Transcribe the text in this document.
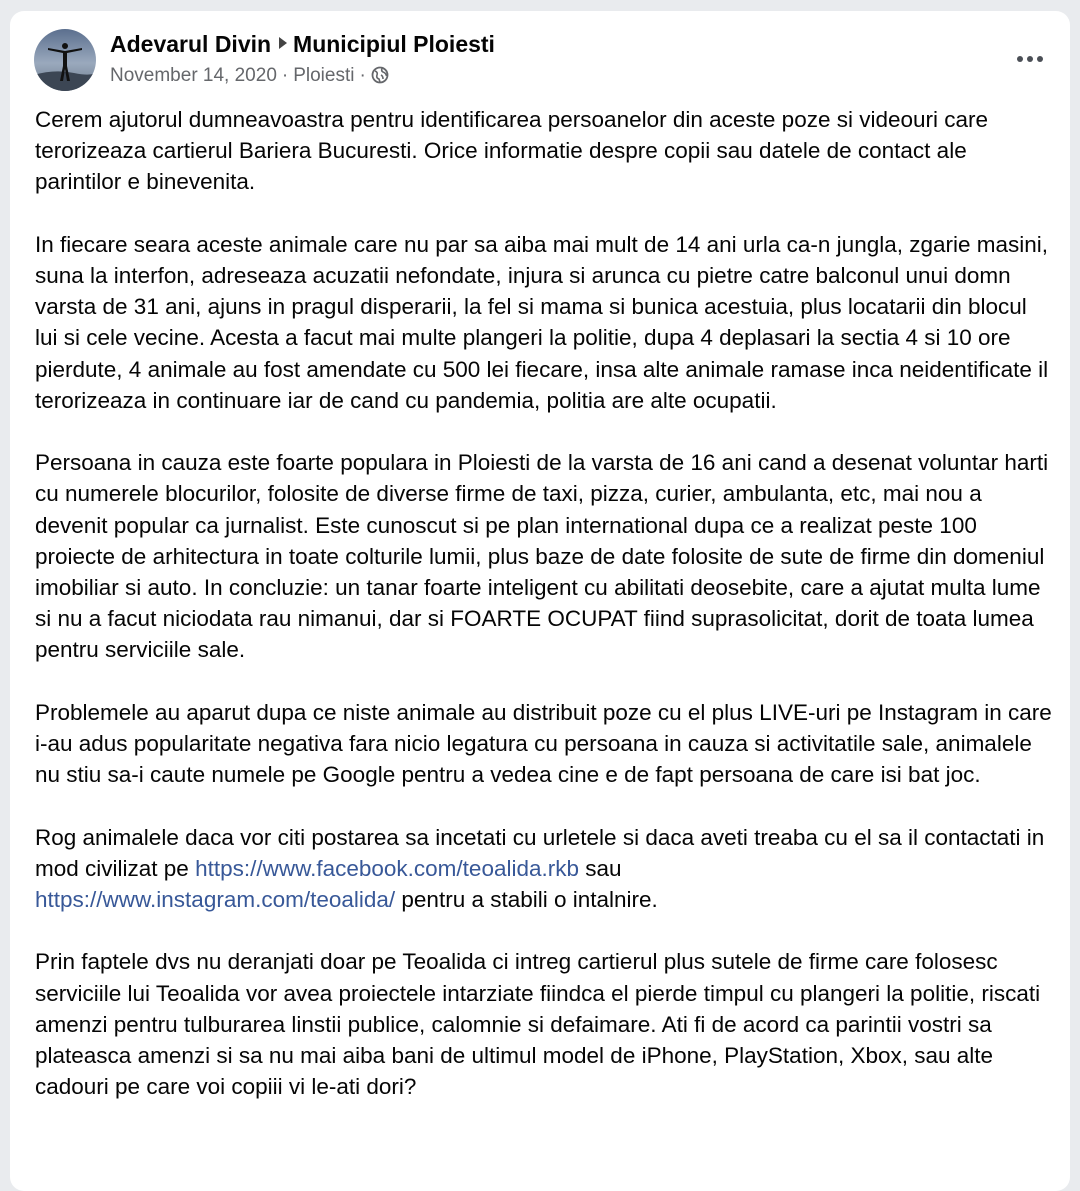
Adevarul Divin Municipiul Ploiesti
November 14, 2020 · Ploiesti ·

Cerem ajutorul dumneavoastra pentru identificarea persoanelor din aceste poze si videouri care terorizeaza cartierul Bariera Bucuresti. Orice informatie despre copii sau datele de contact ale parintilor e binevenita.

In fiecare seara aceste animale care nu par sa aiba mai mult de 14 ani urla ca-n jungla, zgarie masini, suna la interfon, adreseaza acuzatii nefondate, injura si arunca cu pietre catre balconul unui domn varsta de 31 ani, ajuns in pragul disperarii, la fel si mama si bunica acestuia, plus locatarii din blocul lui si cele vecine. Acesta a facut mai multe plangeri la politie, dupa 4 deplasari la sectia 4 si 10 ore pierdute, 4 animale au fost amendate cu 500 lei fiecare, insa alte animale ramase inca neidentificate il terorizeaza in continuare iar de cand cu pandemia, politia are alte ocupatii.

Persoana in cauza este foarte populara in Ploiesti de la varsta de 16 ani cand a desenat voluntar harti cu numerele blocurilor, folosite de diverse firme de taxi, pizza, curier, ambulanta, etc, mai nou a devenit popular ca jurnalist. Este cunoscut si pe plan international dupa ce a realizat peste 100 proiecte de arhitectura in toate colturile lumii, plus baze de date folosite de sute de firme din domeniul imobiliar si auto. In concluzie: un tanar foarte inteligent cu abilitati deosebite, care a ajutat multa lume si nu a facut niciodata rau nimanui, dar si FOARTE OCUPAT fiind suprasolicitat, dorit de toata lumea pentru serviciile sale.

Problemele au aparut dupa ce niste animale au distribuit poze cu el plus LIVE-uri pe Instagram in care i-au adus popularitate negativa fara nicio legatura cu persoana in cauza si activitatile sale, animalele nu stiu sa-i caute numele pe Google pentru a vedea cine e de fapt persoana de care isi bat joc.

Rog animalele daca vor citi postarea sa incetati cu urletele si daca aveti treaba cu el sa il contactati in mod civilizat pe https://www.facebook.com/teoalida.rkb sau
https://www.instagram.com/teoalida/ pentru a stabili o intalnire.

Prin faptele dvs nu deranjati doar pe Teoalida ci intreg cartierul plus sutele de firme care folosesc serviciile lui Teoalida vor avea proiectele intarziate fiindca el pierde timpul cu plangeri la politie, riscati amenzi pentru tulburarea linstii publice, calomnie si defaimare. Ati fi de acord ca parintii vostri sa plateasca amenzi si sa nu mai aiba bani de ultimul model de iPhone, PlayStation, Xbox, sau alte cadouri pe care voi copiii vi le-ati dori?
